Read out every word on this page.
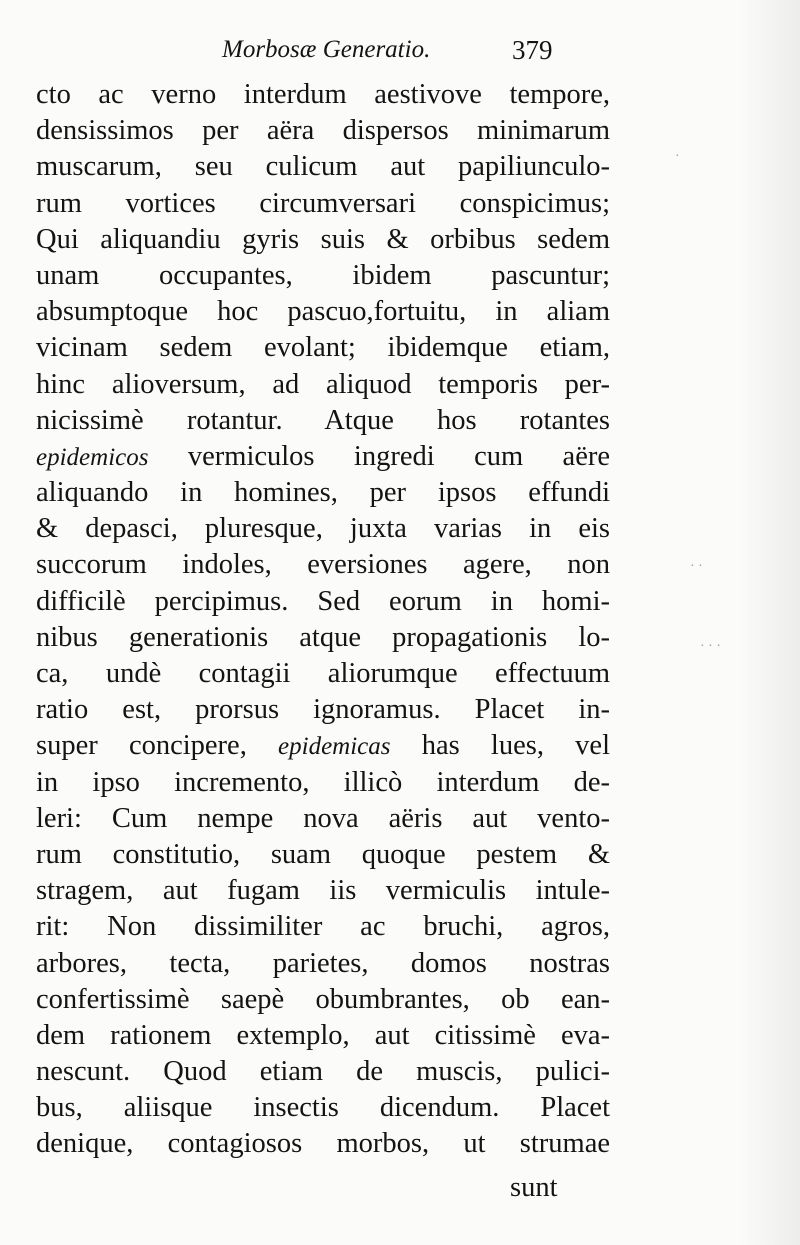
Morbosæ Generatio.	379
cto ac verno interdum aestivove tempore,
densissimos per aëra dispersos minimarum
muscarum, seu culicum aut papiliunculo-
rum vortices circumversari conspicimus;
Qui aliquandiu gyris suis & orbibus sedem
unam occupantes, ibidem pascuntur;
absumptoque hoc pascuo,fortuitu, in aliam
vicinam sedem evolant; ibidemque etiam,
hinc alioversum, ad aliquod temporis per-
nicissimè rotantur. Atque hos rotantes
epidemicos vermiculos ingredi cum aëre
aliquando in homines, per ipsos effundi
& depasci, pluresque, juxta varias in eis
succorum indoles, eversiones agere, non
difficilè percipimus. Sed eorum in homi-
nibus generationis atque propagationis lo-
ca, undè contagii aliorumque effectuum
ratio est, prorsus ignoramus. Placet in-
super concipere, epidemicas has lues, vel
in ipso incremento, illicò interdum de-
leri: Cum nempe nova aëris aut vento-
rum constitutio, suam quoque pestem &
stragem, aut fugam iis vermiculis intule-
rit: Non dissimiliter ac bruchi, agros,
arbores, tecta, parietes, domos nostras
confertissimè saepè obumbrantes, ob ean-
dem rationem extemplo, aut citissimè eva-
nescunt. Quod etiam de muscis, pulici-
bus, aliisque insectis dicendum. Placet
denique, contagiosos morbos, ut strumae
sunt
·
· ·
· · ·
